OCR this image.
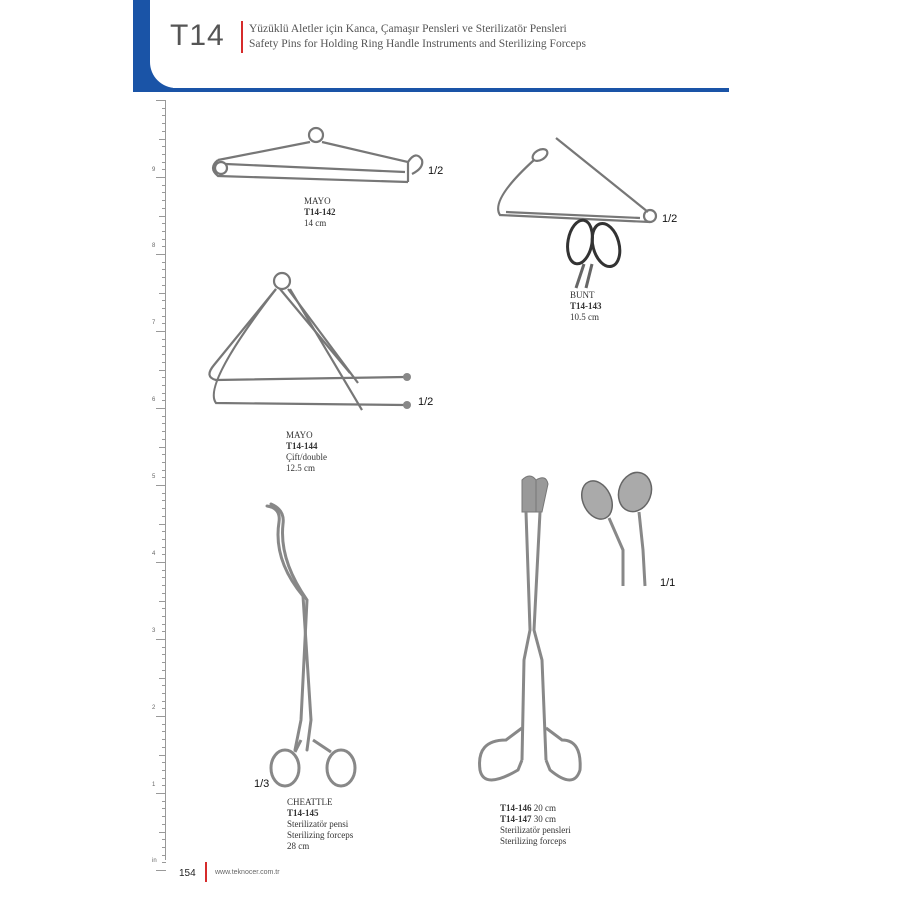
T14 Yüzüklü Aletler için Kanca, Çamaşır Pensleri ve Sterilizatör Pensleri
Safety Pins for Holding Ring Handle Instruments and Sterilizing Forceps
9
8
7
6
5
4
3
2
1
in
1/2
MAYO
T14-142
14 cm	1/2
BUNT
T14-143
10.5 cm
1/2
MAYO
T14-144
Çift/double
12.5 cm
1/3
CHEATTLE
T14-145
Sterilizatör pensi
Sterilizing forceps
28 cm
1/1
T14-146 20 cm
T14-147 30 cm
Sterilizatör pensleri
Sterilizing forceps
154	www.teknocer.com.tr
